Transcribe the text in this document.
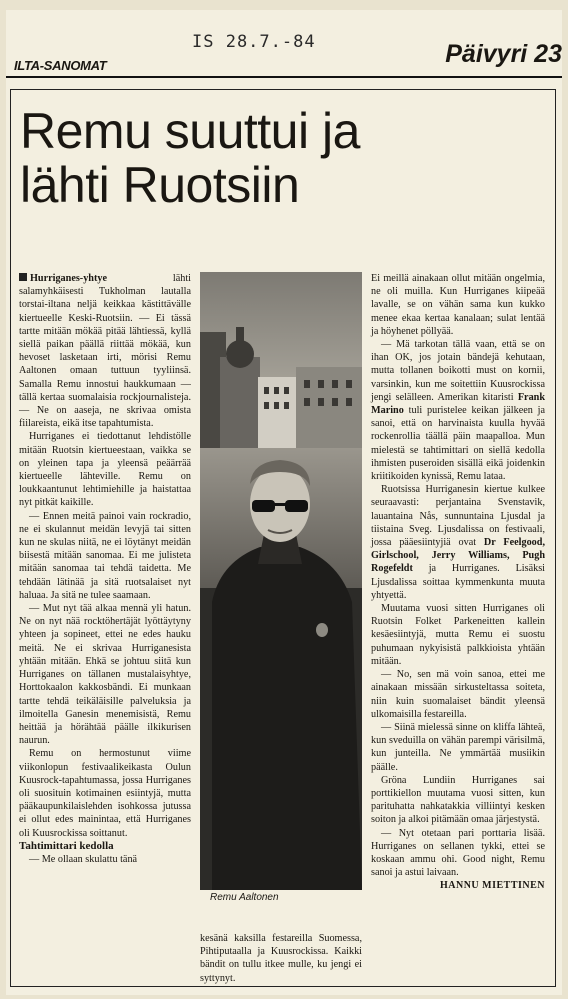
IS 28.7.-84
ILTA-SANOMAT	Päivyri 23
Remu suuttui ja
lähti Ruotsiin

Hurriganes-yhtye lähti salamyhkäisesti Tukholman lautalla torstai-iltana neljä keikkaa kästittävälle kiertueelle Keski-Ruotsiin. — Ei tässä tartte mitään mökää pitää lähtiessä, kyllä siellä paikan päällä riittää mökää, kun hevoset lasketaan irti, mörisi Remu Aaltonen omaan tuttuun tyyliinsä. Samalla Remu innostui haukkumaan — tällä kertaa suomalaisia rockjournalisteja. — Ne on aaseja, ne skrivaa omista fiilareista, eikä itse tapahtumista.

Hurriganes ei tiedottanut lehdistölle mitään Ruotsin kiertueestaan, vaikka se on yleinen tapa ja yleensä peäärrää kiertueelle lähteville. Remu on loukkaantunut lehtimiehille ja haistattaa nyt pitkät kaikille.

— Ennen meitä painoi vain rockradio, ne ei skulannut meidän levyjä tai sitten kun ne skulas niitä, ne ei löytänyt meidän biisestä mitään sanomaa. Ei me julisteta mitään sanomaa tai tehdä taidetta. Me tehdään lätinää ja sitä ruotsalaiset nyt haluaa. Ja sitä ne tulee saamaan.

— Mut nyt tää alkaa mennä yli hatun. Ne on nyt nää rocktöhertäjät lyöttäytyny yhteen ja sopineet, ettei ne edes hauku meitä. Ne ei skrivaa Hurriganesista yhtään mitään. Ehkä se johtuu siitä kun Hurriganes on tällanen mustalaisyhtye, Horttokaalon kakkosbändi. Ei munkaan tartte tehdä teikäläisille palveluksia ja ilmoitella Ganesin menemisistä, Remu heittää ja hörähtää päälle ilkikurisen naurun.

Remu on hermostunut viime viikonlopun festivaalikeikasta Oulun Kuusrock-tapahtumassa, jossa Hurriganes oli suosituin kotimainen esiintyjä, mutta pääkaupunkilaislehden isohkossa jutussa ei ollut edes mainintaa, että Hurriganes oli Kuusrockissa soittanut.

Tahtimittari kedolla

— Me ollaan skulattu tänä

Remu Aaltonen

kesänä kaksilla festareilla Suomessa, Pihtiputaalla ja Kuusrockissa. Kaikki bändit on tullu itkee mulle, ku jengi ei syttynyt.

Ei meillä ainakaan ollut mitään ongelmia, ne oli muilla. Kun Hurriganes kiipeää lavalle, se on vähän sama kun kukko menee ekaa kertaa kanalaan; sulat lentää ja höyhenet pöllyää.

— Mä tarkotan tällä vaan, että se on ihan OK, jos jotain bändejä kehutaan, mutta tollanen boikotti must on kornii, varsinkin, kun me soitettiin Kuusrockissa jengi selälleen. Amerikan kitaristi Frank Marino tuli puristelee keikan jälkeen ja sanoi, että on harvinaista kuulla hyvää rockenrollia täällä päin maapalloa. Mun mielestä se tahtimittari on siellä kedolla ihmisten puseroiden sisällä eikä joidenkin kriitikoiden kynissä, Remu lataa.

Ruotsissa Hurriganesin kiertue kulkee seuraavasti: perjantaina Svenstavik, lauantaina Nås, sunnuntaina Ljusdal ja tiistaina Sveg. Ljusdalissa on festivaali, jossa pääesiintyjiä ovat Dr Feelgood, Girlschool, Jerry Williams, Pugh Rogefeldt ja Hurriganes. Lisäksi Ljusdalissa soittaa kymmenkunta muuta yhtyettä.

Muutama vuosi sitten Hurriganes oli Ruotsin Folket Parkeneitten kallein kesäesiintyjä, mutta Remu ei suostu puhumaan nykyisistä palkkioista yhtään mitään.

— No, sen mä voin sanoa, ettei me ainakaan missään sirkusteltassa soiteta, niin kuin suomalaiset bändit yleensä ulkomaisilla festareilla.

— Siinä mielessä sinne on kliffa lähteä, kun sveduilla on vähän parempi värisilmä, kun junteilla. Ne ymmärtää musiikin päälle.

Gröna Lundiin Hurriganes sai porttikiellon muutama vuosi sitten, kun parituhatta nahkatakkia villiintyi kesken soiton ja alkoi pitämään omaa järjestystä.

— Nyt otetaan pari porttaria lisää. Hurriganes on sellanen tykki, ettei se koskaan ammu ohi. Good night, Remu sanoi ja astui laivaan.

HANNU MIETTINEN
